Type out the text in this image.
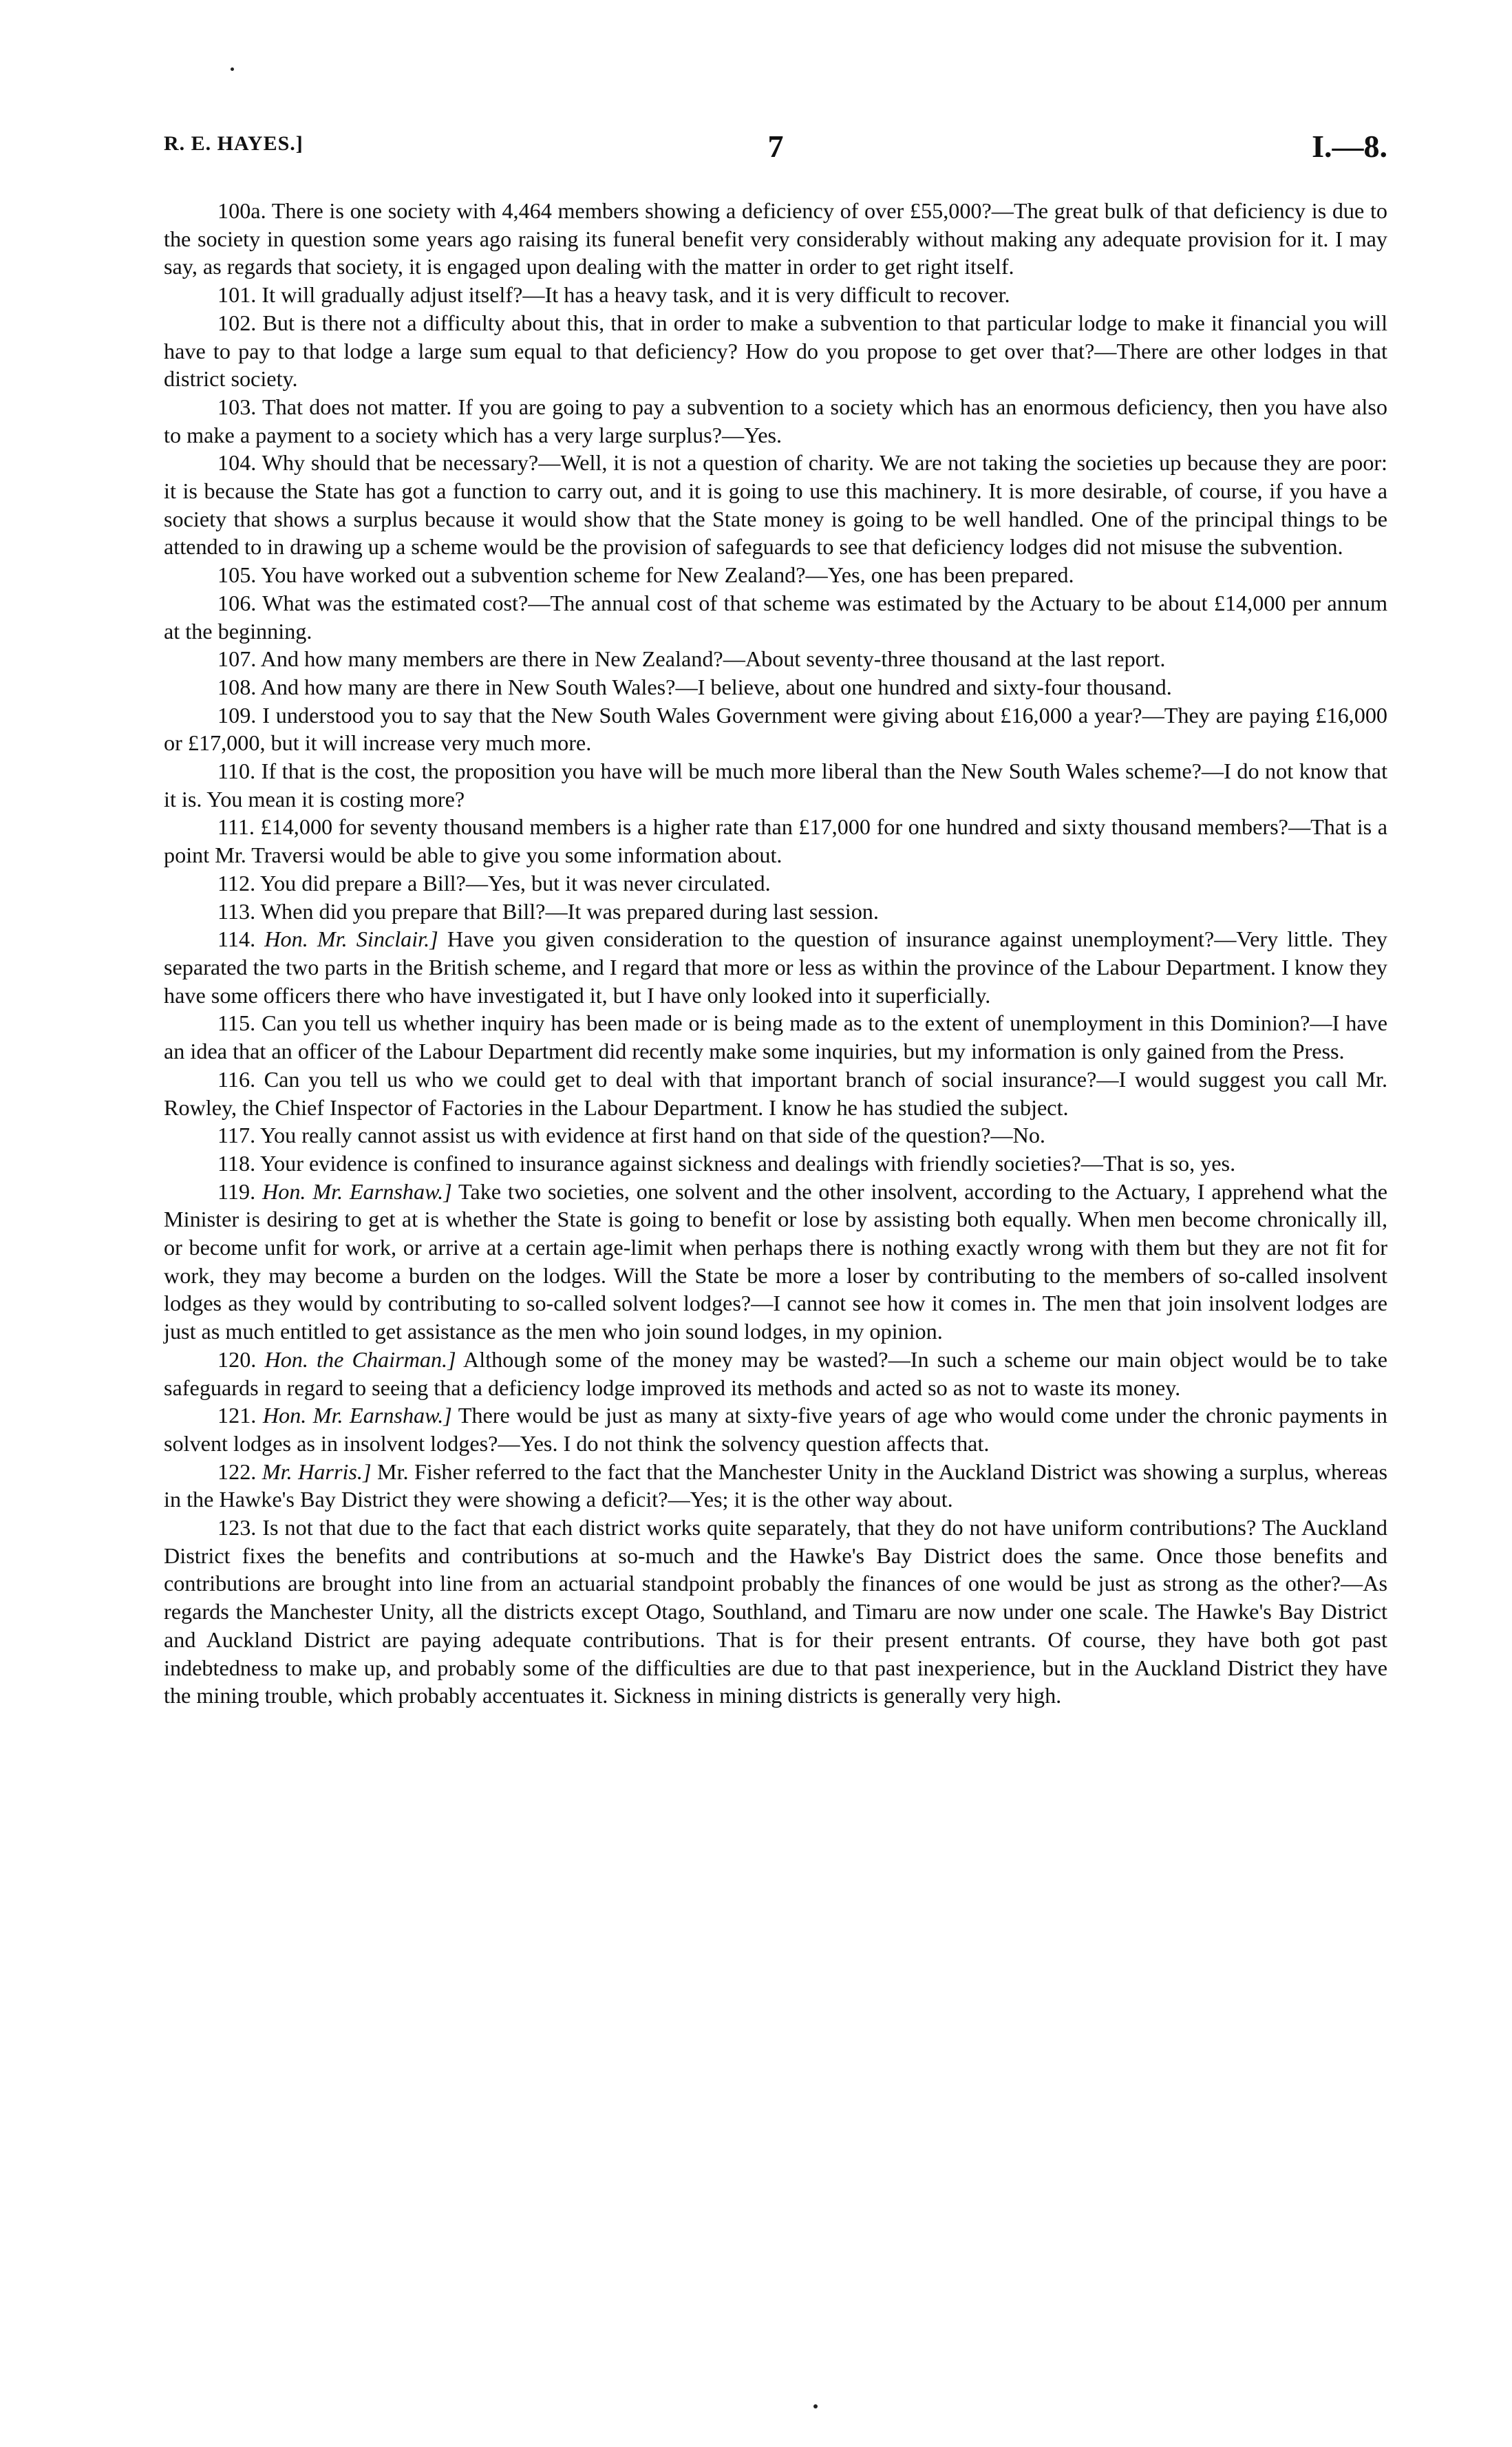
R. E. HAYES.]	7	I.—8.

100a. There is one society with 4,464 members showing a deficiency of over £55,000?—The great bulk of that deficiency is due to the society in question some years ago raising its funeral benefit very considerably without making any adequate provision for it. I may say, as regards that society, it is engaged upon dealing with the matter in order to get right itself.

101. It will gradually adjust itself?—It has a heavy task, and it is very difficult to recover.

102. But is there not a difficulty about this, that in order to make a subvention to that particular lodge to make it financial you will have to pay to that lodge a large sum equal to that deficiency? How do you propose to get over that?—There are other lodges in that district society.

103. That does not matter. If you are going to pay a subvention to a society which has an enormous deficiency, then you have also to make a payment to a society which has a very large surplus?—Yes.

104. Why should that be necessary?—Well, it is not a question of charity. We are not taking the societies up because they are poor: it is because the State has got a function to carry out, and it is going to use this machinery. It is more desirable, of course, if you have a society that shows a surplus because it would show that the State money is going to be well handled. One of the principal things to be attended to in drawing up a scheme would be the provision of safeguards to see that deficiency lodges did not misuse the subvention.

105. You have worked out a subvention scheme for New Zealand?—Yes, one has been prepared.

106. What was the estimated cost?—The annual cost of that scheme was estimated by the Actuary to be about £14,000 per annum at the beginning.

107. And how many members are there in New Zealand?—About seventy-three thousand at the last report.

108. And how many are there in New South Wales?—I believe, about one hundred and sixty-four thousand.

109. I understood you to say that the New South Wales Government were giving about £16,000 a year?—They are paying £16,000 or £17,000, but it will increase very much more.

110. If that is the cost, the proposition you have will be much more liberal than the New South Wales scheme?—I do not know that it is. You mean it is costing more?

111. £14,000 for seventy thousand members is a higher rate than £17,000 for one hundred and sixty thousand members?—That is a point Mr. Traversi would be able to give you some information about.

112. You did prepare a Bill?—Yes, but it was never circulated.

113. When did you prepare that Bill?—It was prepared during last session.

114. Hon. Mr. Sinclair.] Have you given consideration to the question of insurance against unemployment?—Very little. They separated the two parts in the British scheme, and I regard that more or less as within the province of the Labour Department. I know they have some officers there who have investigated it, but I have only looked into it superficially.

115. Can you tell us whether inquiry has been made or is being made as to the extent of unemployment in this Dominion?—I have an idea that an officer of the Labour Department did recently make some inquiries, but my information is only gained from the Press.

116. Can you tell us who we could get to deal with that important branch of social insurance?—I would suggest you call Mr. Rowley, the Chief Inspector of Factories in the Labour Department. I know he has studied the subject.

117. You really cannot assist us with evidence at first hand on that side of the question?—No.

118. Your evidence is confined to insurance against sickness and dealings with friendly societies?—That is so, yes.

119. Hon. Mr. Earnshaw.] Take two societies, one solvent and the other insolvent, according to the Actuary, I apprehend what the Minister is desiring to get at is whether the State is going to benefit or lose by assisting both equally. When men become chronically ill, or become unfit for work, or arrive at a certain age-limit when perhaps there is nothing exactly wrong with them but they are not fit for work, they may become a burden on the lodges. Will the State be more a loser by contributing to the members of so-called insolvent lodges as they would by contributing to so-called solvent lodges?—I cannot see how it comes in. The men that join insolvent lodges are just as much entitled to get assistance as the men who join sound lodges, in my opinion.

120. Hon. the Chairman.] Although some of the money may be wasted?—In such a scheme our main object would be to take safeguards in regard to seeing that a deficiency lodge improved its methods and acted so as not to waste its money.

121. Hon. Mr. Earnshaw.] There would be just as many at sixty-five years of age who would come under the chronic payments in solvent lodges as in insolvent lodges?—Yes. I do not think the solvency question affects that.

122. Mr. Harris.] Mr. Fisher referred to the fact that the Manchester Unity in the Auckland District was showing a surplus, whereas in the Hawke's Bay District they were showing a deficit?—Yes; it is the other way about.

123. Is not that due to the fact that each district works quite separately, that they do not have uniform contributions? The Auckland District fixes the benefits and contributions at so-much and the Hawke's Bay District does the same. Once those benefits and contributions are brought into line from an actuarial standpoint probably the finances of one would be just as strong as the other?—As regards the Manchester Unity, all the districts except Otago, Southland, and Timaru are now under one scale. The Hawke's Bay District and Auckland District are paying adequate contributions. That is for their present entrants. Of course, they have both got past indebtedness to make up, and probably some of the difficulties are due to that past inexperience, but in the Auckland District they have the mining trouble, which probably accentuates it. Sickness in mining districts is generally very high.
